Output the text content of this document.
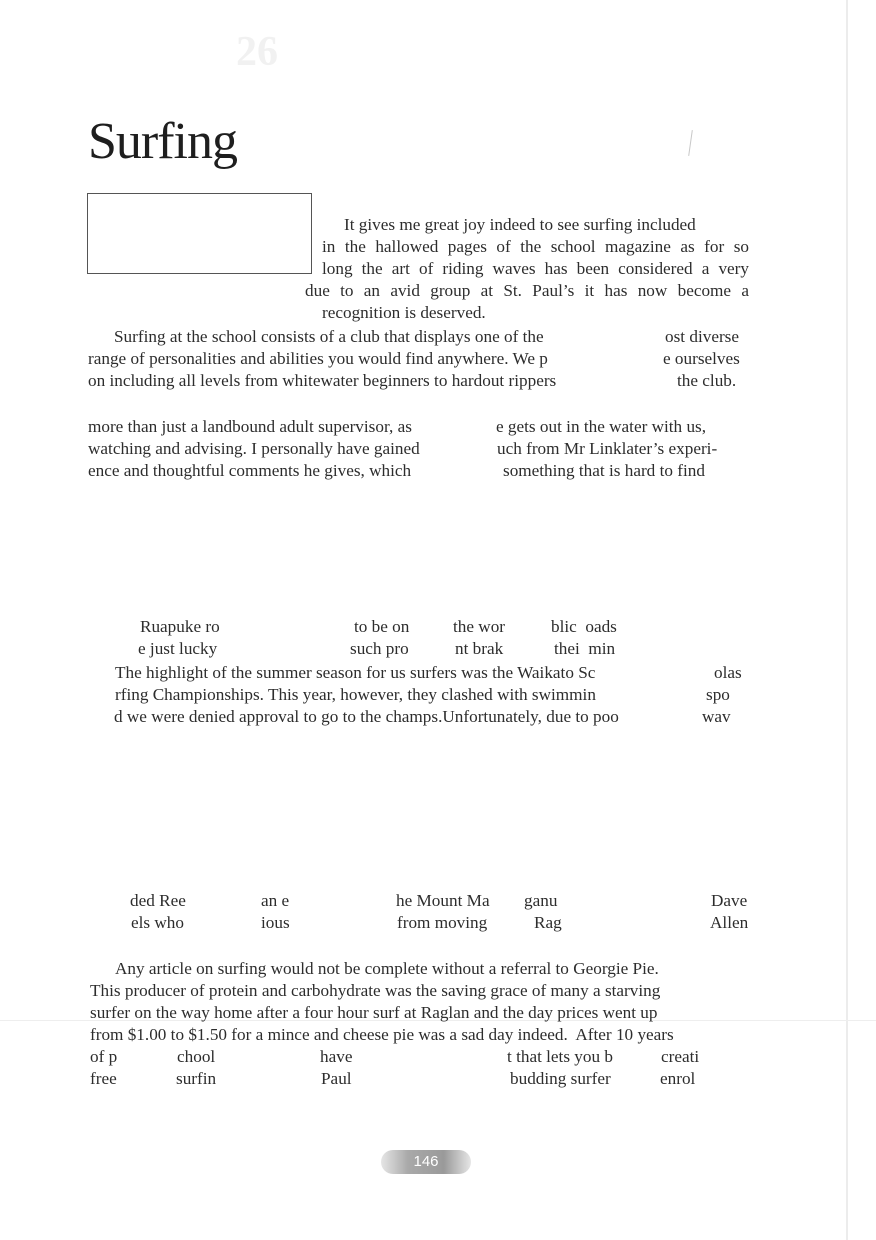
26
Surfing
It gives me great joy indeed to see surfing included
in the hallowed pages of the school magazine as for so
long the art of riding waves has been considered a very
due to an avid group at St. Paul’s it has now become a
recognition is deserved.
Surfing at the school consists of a club that displays one of the	ost diverse
range of personalities and abilities you would find anywhere. We p	e ourselves
on including all levels from whitewater beginners to hardout rippers	the club.
more than just a landbound adult supervisor, as	e gets out in the water with us,
watching and advising. I personally have gained	uch from Mr Linklater’s experi-
ence and thoughtful comments he gives, which	something that is hard to find
Ruapuke ro	to be on	the wor	blic  oads
e just lucky	such pro	nt brak	thei  min
The highlight of the summer season for us surfers was the Waikato Sc	olas
rfing Championships. This year, however, they clashed with swimmin	spo
d we were denied approval to go to the champs.Unfortunately, due to poo	wav
ded Ree	an e	he Mount Ma ganu	Dave
els who	ious	from moving	Rag	Allen
Any article on surfing would not be complete without a referral to Georgie Pie.
This producer of protein and carbohydrate was the saving grace of many a starving
surfer on the way home after a four hour surf at Raglan and the day prices went up
from $1.00 to $1.50 for a mince and cheese pie was a sad day indeed.  After 10 years
of p	chool	have	t that lets you b	creati
free	surfin	Paul	budding surfer	enrol
146
